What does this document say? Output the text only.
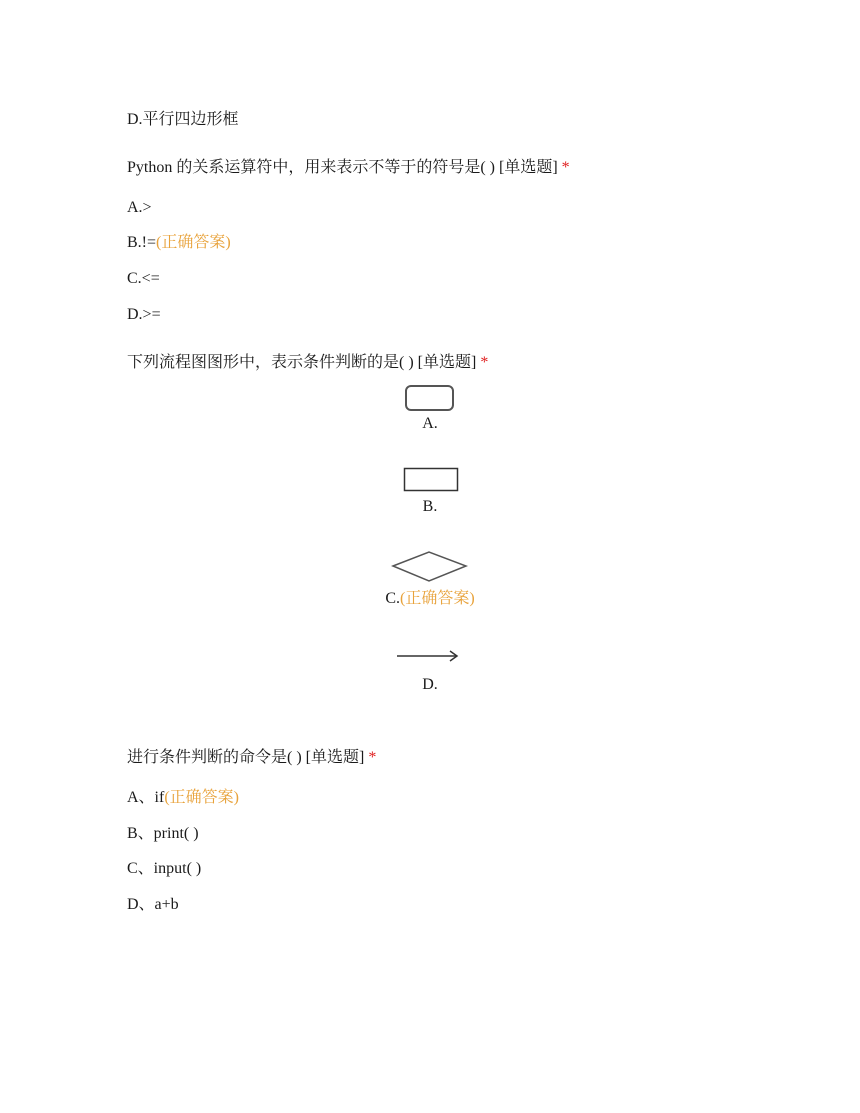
D.平行四边形框
Python 的关系运算符中，用来表示不等于的符号是( ) [单选题] *
A.>
B.!=(正确答案)
C.<=
D.>=
下列流程图图形中，表示条件判断的是( ) [单选题] *
A.
B.
C.(正确答案)
D.
进行条件判断的命令是( ) [单选题] *
A、if(正确答案)
B、print( )
C、input( )
D、a+b
